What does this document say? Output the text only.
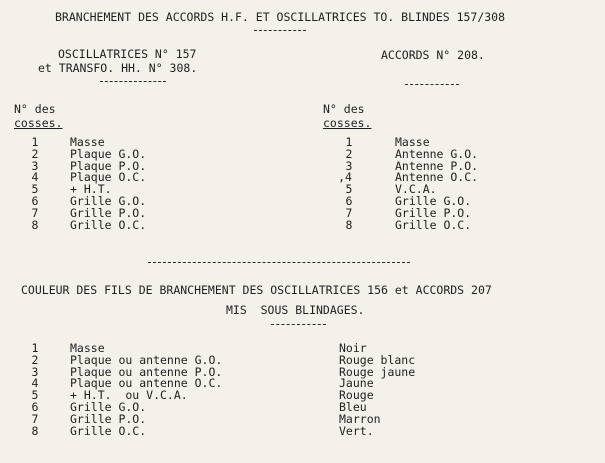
BRANCHEMENT DES ACCORDS H.F. ET OSCILLATRICES TO. BLINDES 157/308
OSCILLATRICES N° 157
et TRANSFO. HH. N° 308.
ACCORDS N° 208.
N° des
cosses.
N° des
cosses.
1	Masse
2	Plaque G.O.
3	Plaque P.O.
4	Plaque O.C.
5	+ H.T.
6	Grille G.O.
7	Grille P.O.
8	Grille O.C.
1	Masse
2	Antenne G.O.
3	Antenne P.O.
,4	Antenne O.C.
5	V.C.A.
6	Grille G.O.
7	Grille P.O.
8	Grille O.C.
COULEUR DES FILS DE BRANCHEMENT DES OSCILLATRICES 156 et ACCORDS 207
MIS  SOUS BLINDAGES.
1	Masse	Noir
2	Plaque ou antenne G.O.	Rouge blanc
3	Plaque ou antenne P.O.	Rouge jaune
4	Plaque ou antenne O.C.	Jaune
5	+ H.T.  ou V.C.A.	Rouge
6	Grille G.O.	Bleu
7	Grille P.O.	Marron
8	Grille O.C.	Vert.
